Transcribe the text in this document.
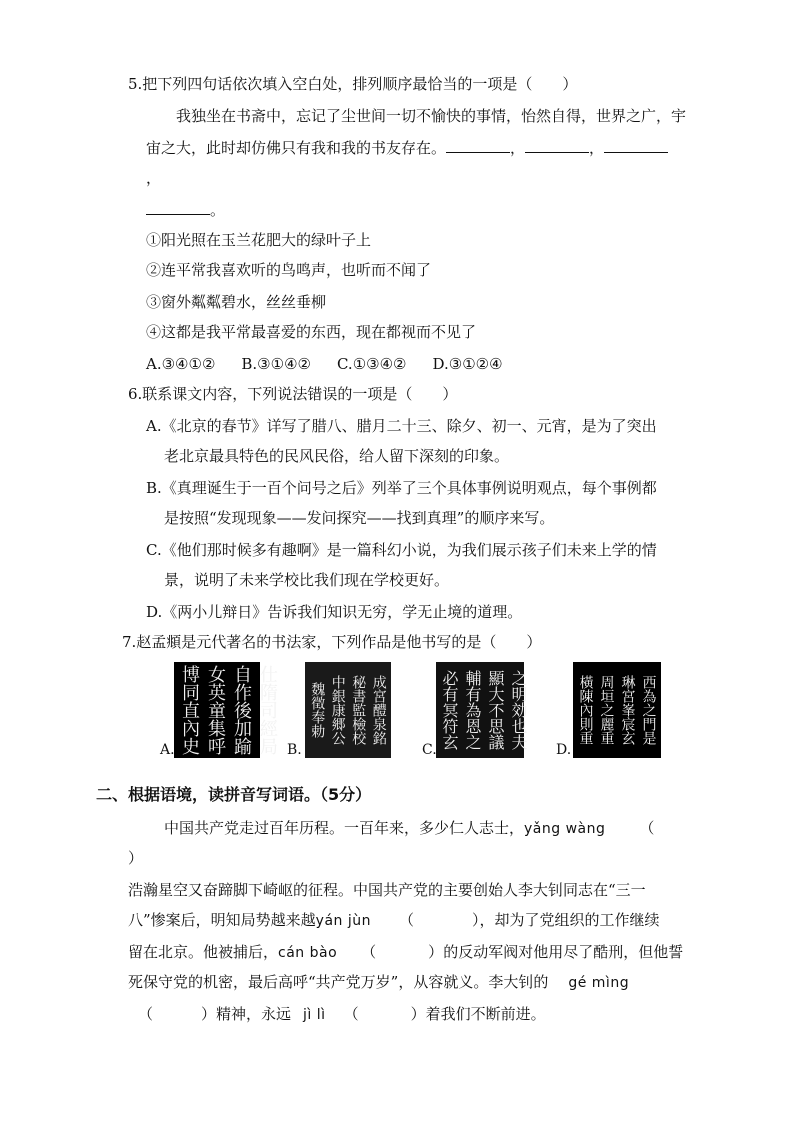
5.把下列四句话依次填入空白处，排列顺序最恰当的一项是（　　）
我独坐在书斋中，忘记了尘世间一切不愉快的事情，怡然自得，世界之广，宇
宙之大，此时却仿佛只有我和我的书友存在。	，	，
，
。
①阳光照在玉兰花肥大的绿叶子上
②连平常我喜欢听的鸟鸣声，也听而不闻了
③窗外粼粼碧水，丝丝垂柳
④这都是我平常最喜爱的东西，现在都视而不见了
A.③④①② B.③①④② C.①③④② D.③①②④
6.联系课文内容，下列说法错误的一项是（　　）
A.《北京的春节》详写了腊八、腊月二十三、除夕、初一、元宵，是为了突出
老北京最具特色的民风民俗，给人留下深刻的印象。
B.《真理诞生于一百个问号之后》列举了三个具体事例说明观点，每个事例都
是按照“发现现象——发问探究——找到真理”的顺序来写。
C.《他们那时候多有趣啊》是一篇科幻小说，为我们展示孩子们未来上学的情
景，说明了未来学校比我们现在学校更好。
D.《两小儿辩日》告诉我们知识无穷，学无止境的道理。
7.赵孟頫是元代著名的书法家，下列作品是他书写的是（　　）
仕隋司經局
自作後加踰
女英童集呼
博同直內史
A.
成宮醴泉銘
秘書監檢校
中銀康郷公
魏徵奉勅
B.	之明効也夫
顯大不思議
輔有為恩之
必有冥符玄
C.
西為之門是
琳宮峯宸玄
周垣之麗重
橫陳內則重
D.
二、根据语境，读拼音写词语。（5分）
中国共产党走过百年历程。一百年来，多少仁人志士，yǎng wàng （
）
浩瀚星空又奋蹄脚下崎岖的征程。中国共产党的主要创始人李大钊同志在“三一
八”惨案后，明知局势越来越yán jùn （	），却为了党组织的工作继续
留在北京。他被捕后，cán bào （	）的反动军阀对他用尽了酷刑，但他誓
死保守党的机密，最后高呼“共产党万岁”，从容就义。李大钊的 gé mìng
（	）精神，永远 jì lì （	）着我们不断前进。
